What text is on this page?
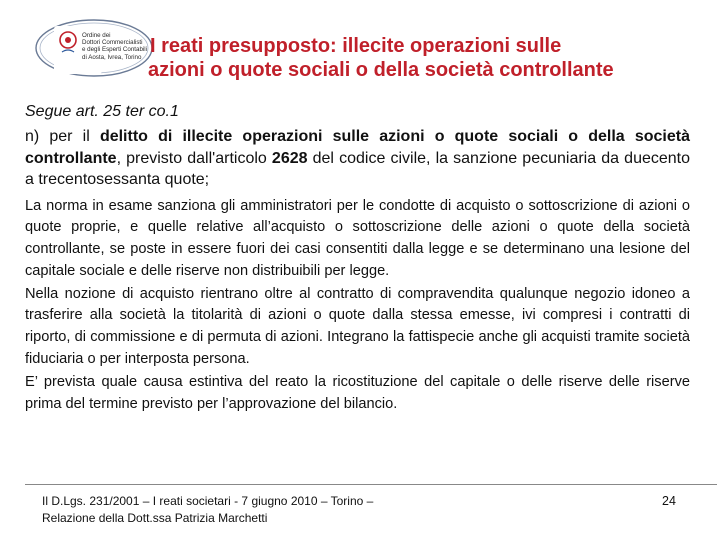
Ordine dei
Dottori Commercialisti
e degli Esperti Contabili
di Aosta, Ivrea, Torino
I reati presupposto: illecite operazioni sulle
azioni o quote sociali o della società controllante

Segue art. 25 ter co.1

n) per il delitto di illecite operazioni sulle azioni o quote sociali o della società controllante, previsto dall'articolo 2628 del codice civile, la sanzione pecuniaria da duecento a trecentosessanta quote;

La norma in esame sanziona gli amministratori per le condotte di acquisto o sottoscrizione di azioni o quote proprie, e quelle relative all’acquisto o sottoscrizione delle azioni o quote della società controllante, se poste in essere fuori dei casi consentiti dalla legge e se determinano una lesione del capitale sociale e delle riserve non distribuibili per legge.

Nella nozione di acquisto rientrano oltre al contratto di compravendita qualunque negozio idoneo a trasferire alla società la titolarità di azioni o quote dalla stessa emesse, ivi compresi i contratti di riporto, di commissione e di permuta di azioni. Integrano la fattispecie anche gli acquisti tramite società fiduciaria o per interposta persona.

E’ prevista quale causa estintiva del reato la ricostituzione del capitale o delle riserve delle riserve prima del termine previsto per l’approvazione del bilancio.

Il D.Lgs. 231/2001 – I reati societari - 7 giugno 2010 – Torino –
Relazione della Dott.ssa Patrizia Marchetti
24
